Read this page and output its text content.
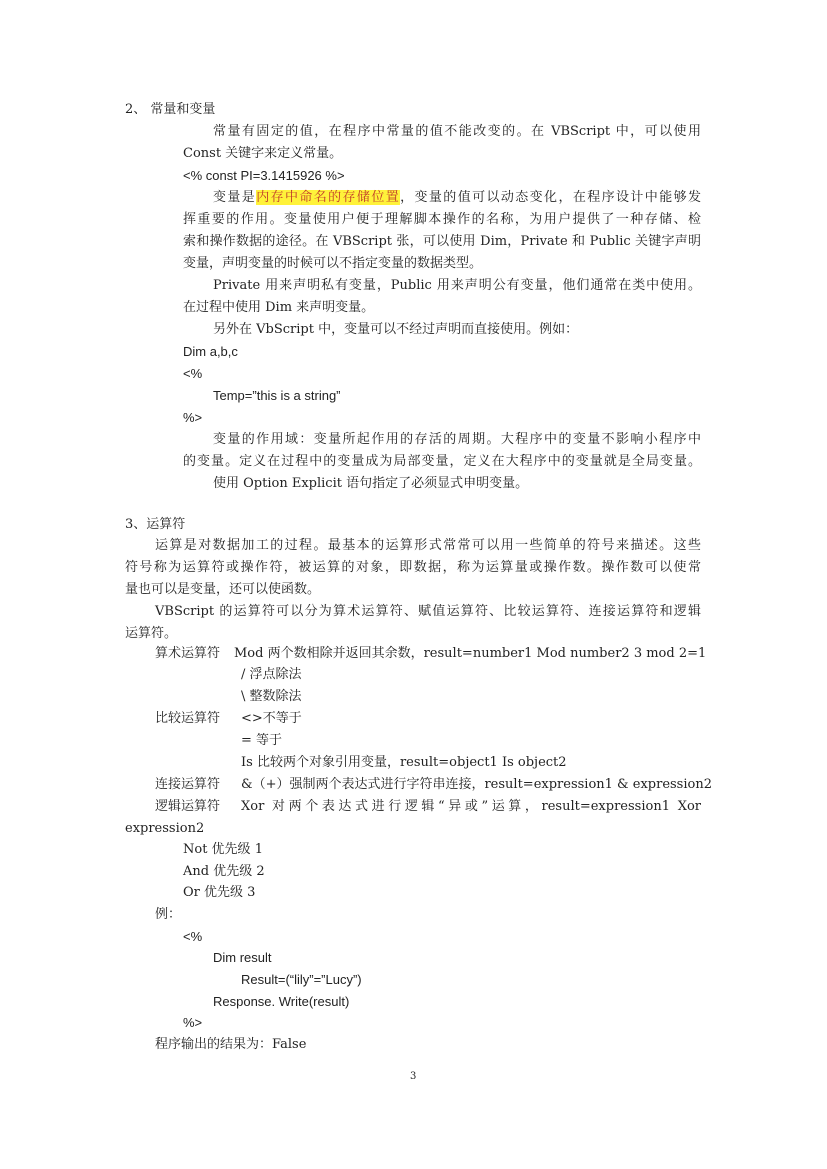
2、 常量和变量
常量有固定的值，在程序中常量的值不能改变的。在 VBScript 中，可以使用
Const 关键字来定义常量。
<% const PI=3.1415926 %>
变量是内存中命名的存储位置，变量的值可以动态变化，在程序设计中能够发
挥重要的作用。变量使用户便于理解脚本操作的名称，为用户提供了一种存储、检
索和操作数据的途径。在 VBScript 张，可以使用 Dim，Private 和 Public 关键字声明
变量，声明变量的时候可以不指定变量的数据类型。
Private 用来声明私有变量，Public 用来声明公有变量，他们通常在类中使用。
在过程中使用 Dim 来声明变量。
另外在 VbScript 中，变量可以不经过声明而直接使用。例如：
Dim a,b,c
<%
Temp=”this is a string”
%>
变量的作用域：变量所起作用的存活的周期。大程序中的变量不影响小程序中
的变量。定义在过程中的变量成为局部变量，定义在大程序中的变量就是全局变量。
使用 Option Explicit 语句指定了必须显式申明变量。
3、运算符
运算是对数据加工的过程。最基本的运算形式常常可以用一些简单的符号来描述。这些
符号称为运算符或操作符，被运算的对象，即数据，称为运算量或操作数。操作数可以使常
量也可以是变量，还可以使函数。
VBScript 的运算符可以分为算术运算符、赋值运算符、比较运算符、连接运算符和逻辑
运算符。
算术运算符 Mod 两个数相除并返回其余数，result=number1 Mod number2 3 mod 2=1
/ 浮点除法
\ 整数除法
比较运算符 <>不等于
= 等于
Is 比较两个对象引用变量，result=object1 Is object2
连接运算符 &（+）强制两个表达式进行字符串连接，result=expression1 & expression2
逻辑运算符 Xor 对两个表达式进行逻辑“异或”运算，result=expression1 Xor
expression2
Not 优先级 1
And 优先级 2
Or 优先级 3
例：
<%
Dim result
Result=(“lily”=”Lucy”)
Response. Write(result)
%>
程序输出的结果为：False
3
